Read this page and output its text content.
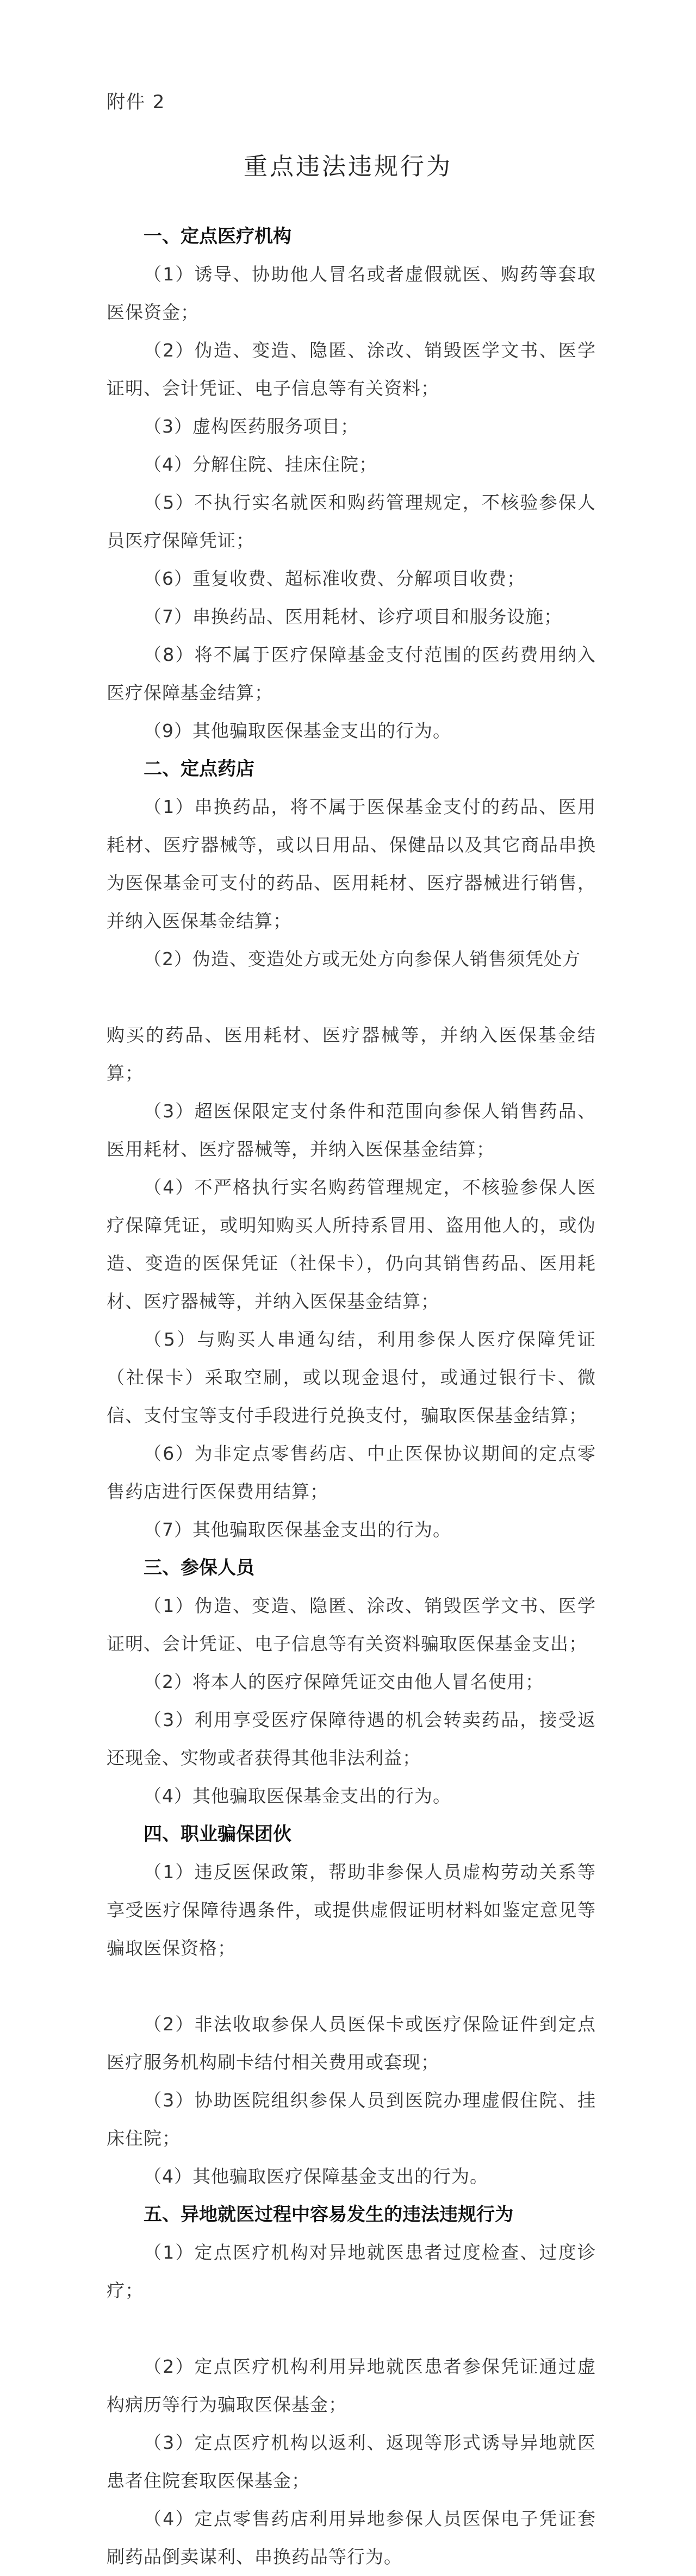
附件 2
重点违法违规行为
一、定点医疗机构
（1）诱导、协助他人冒名或者虚假就医、购药等套取医保资金；
（2）伪造、变造、隐匿、涂改、销毁医学文书、医学证明、会计凭证、电子信息等有关资料；
（3）虚构医药服务项目；
（4）分解住院、挂床住院；
（5）不执行实名就医和购药管理规定，不核验参保人员医疗保障凭证；
（6）重复收费、超标准收费、分解项目收费；
（7）串换药品、医用耗材、诊疗项目和服务设施；
（8）将不属于医疗保障基金支付范围的医药费用纳入医疗保障基金结算；
（9）其他骗取医保基金支出的行为。
二、定点药店
（1）串换药品，将不属于医保基金支付的药品、医用耗材、医疗器械等，或以日用品、保健品以及其它商品串换为医保基金可支付的药品、医用耗材、医疗器械进行销售，并纳入医保基金结算；
（2）伪造、变造处方或无处方向参保人销售须凭处方
购买的药品、医用耗材、医疗器械等，并纳入医保基金结算；
（3）超医保限定支付条件和范围向参保人销售药品、医用耗材、医疗器械等，并纳入医保基金结算；
（4）不严格执行实名购药管理规定，不核验参保人医疗保障凭证，或明知购买人所持系冒用、盗用他人的，或伪造、变造的医保凭证（社保卡），仍向其销售药品、医用耗材、医疗器械等，并纳入医保基金结算；
（5）与购买人串通勾结，利用参保人医疗保障凭证（社保卡）采取空刷，或以现金退付，或通过银行卡、微信、支付宝等支付手段进行兑换支付，骗取医保基金结算；
（6）为非定点零售药店、中止医保协议期间的定点零售药店进行医保费用结算；
（7）其他骗取医保基金支出的行为。
三、参保人员
（1）伪造、变造、隐匿、涂改、销毁医学文书、医学证明、会计凭证、电子信息等有关资料骗取医保基金支出；
（2）将本人的医疗保障凭证交由他人冒名使用；
（3）利用享受医疗保障待遇的机会转卖药品，接受返还现金、实物或者获得其他非法利益；
（4）其他骗取医保基金支出的行为。
四、职业骗保团伙
（1）违反医保政策，帮助非参保人员虚构劳动关系等享受医疗保障待遇条件，或提供虚假证明材料如鉴定意见等骗取医保资格；
（2）非法收取参保人员医保卡或医疗保险证件到定点医疗服务机构刷卡结付相关费用或套现；
（3）协助医院组织参保人员到医院办理虚假住院、挂床住院；
（4）其他骗取医疗保障基金支出的行为。
五、异地就医过程中容易发生的违法违规行为
（1）定点医疗机构对异地就医患者过度检查、过度诊疗；
（2）定点医疗机构利用异地就医患者参保凭证通过虚构病历等行为骗取医保基金；
（3）定点医疗机构以返利、返现等形式诱导异地就医患者住院套取医保基金；
（4）定点零售药店利用异地参保人员医保电子凭证套刷药品倒卖谋利、串换药品等行为。
